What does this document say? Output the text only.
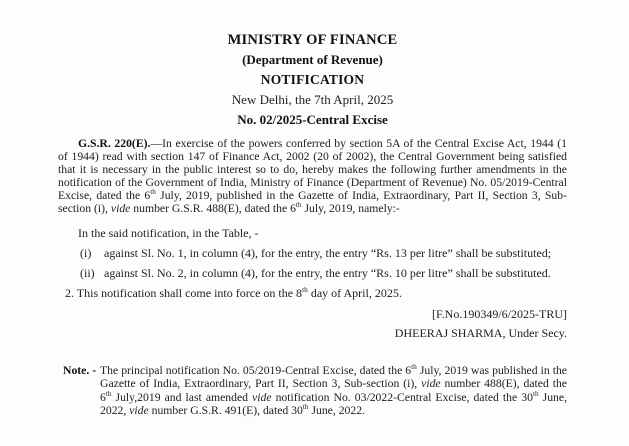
MINISTRY OF FINANCE
(Department of Revenue)
NOTIFICATION
New Delhi, the 7th April, 2025
No. 02/2025-Central Excise

G.S.R. 220(E).—In exercise of the powers conferred by section 5A of the Central Excise Act, 1944 (1 of 1944) read with section 147 of Finance Act, 2002 (20 of 2002), the Central Government being satisfied that it is necessary in the public interest so to do, hereby makes the following further amendments in the notification of the Government of India, Ministry of Finance (Department of Revenue) No. 05/2019-Central Excise, dated the 6th July, 2019, published in the Gazette of India, Extraordinary, Part II, Section 3, Sub-section (i), vide number G.S.R. 488(E), dated the 6th July, 2019, namely:-

In the said notification, in the Table, -
(i) against Sl. No. 1, in column (4), for the entry, the entry “Rs. 13 per litre” shall be substituted;
(ii) against Sl. No. 2, in column (4), for the entry, the entry “Rs. 10 per litre” shall be substituted.
2. This notification shall come into force on the 8th day of April, 2025.
[F.No.190349/6/2025-TRU]
DHEERAJ SHARMA, Under Secy.
Note. - The principal notification No. 05/2019-Central Excise, dated the 6th July, 2019 was published in the Gazette of India, Extraordinary, Part II, Section 3, Sub-section (i), vide number 488(E), dated the 6th July,2019 and last amended vide notification No. 03/2022-Central Excise, dated the 30th June, 2022, vide number G.S.R. 491(E), dated 30th June, 2022.
